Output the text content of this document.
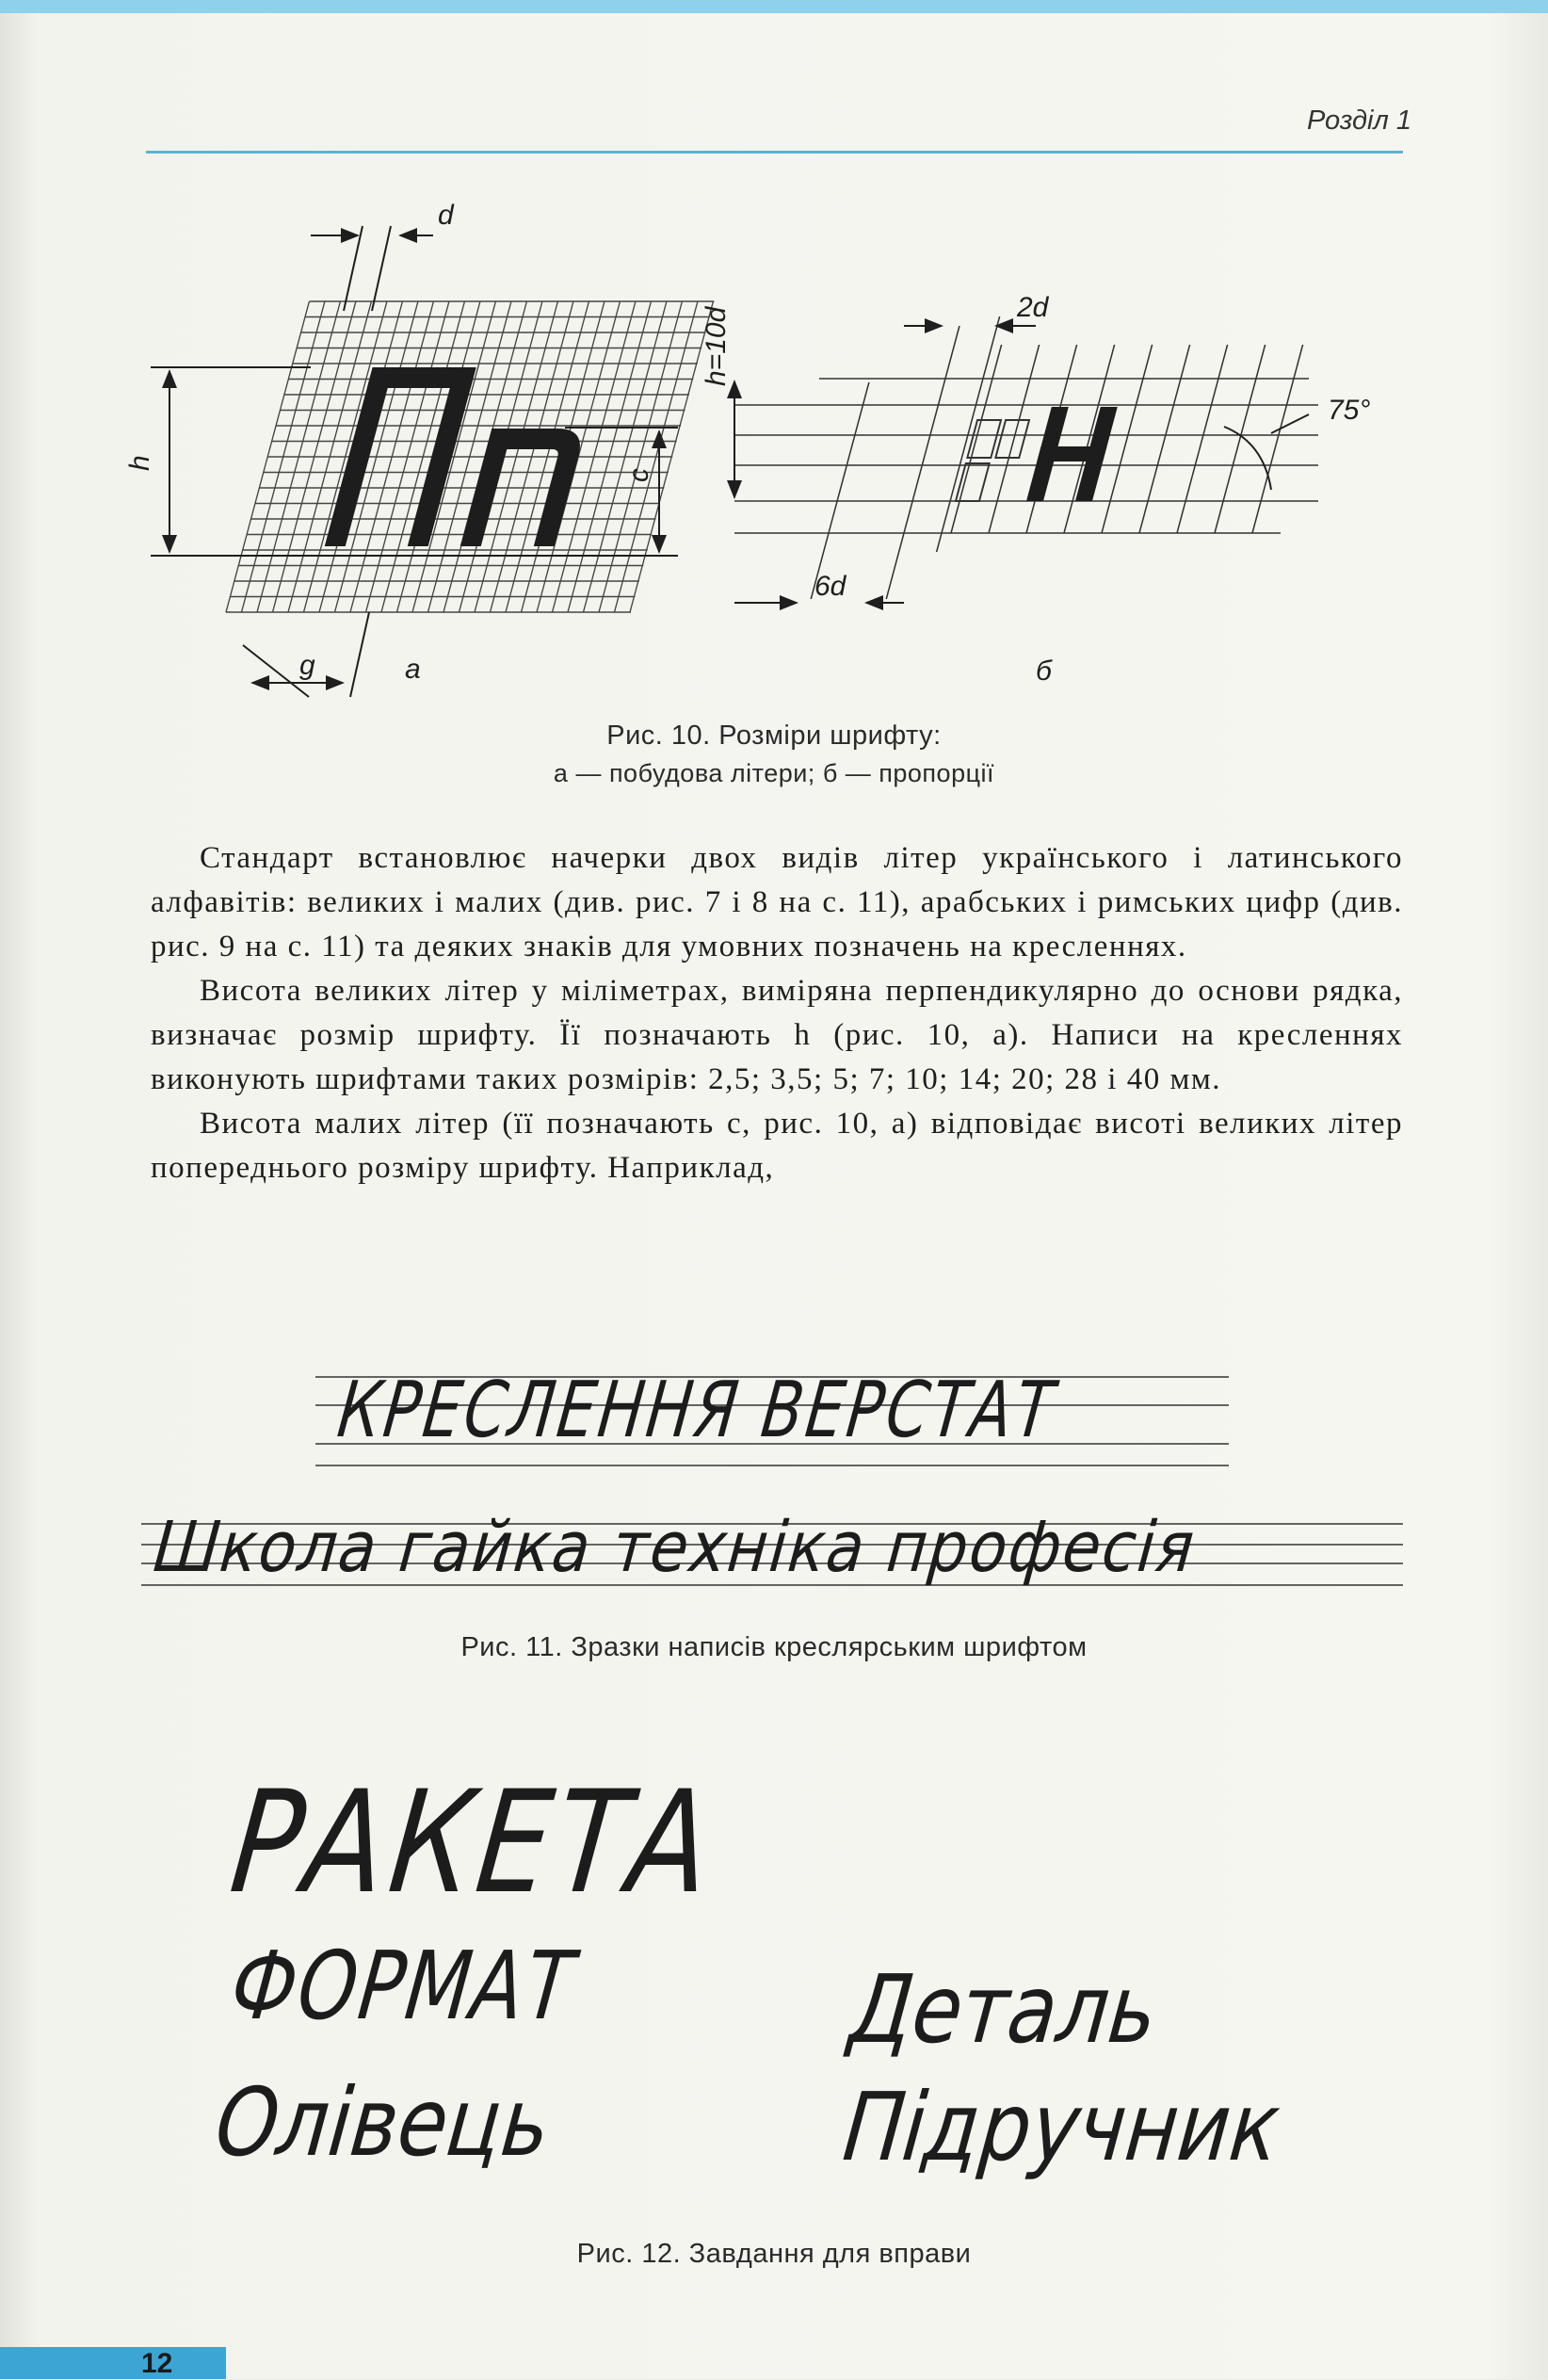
Розділ 1
d
h
c
g	а
2d
6d
h=10d
75°
б
Рис. 10. Розміри шрифту:
а — побудова літери; б — пропорції

Стандарт встановлює начерки двох видів літер українського і латинського алфавітів: великих і малих (див. рис. 7 і 8 на с. 11), арабських і римських цифр (див. рис. 9 на с. 11) та деяких знаків для умовних позначень на кресленнях.

Висота великих літер у міліметрах, виміряна перпендикулярно до основи рядка, визначає розмір шрифту. Її позначають h (рис. 10, а). Написи на кресленнях виконують шрифтами таких розмірів: 2,5; 3,5; 5; 7; 10; 14; 20; 28 і 40 мм.

Висота малих літер (її позначають с, рис. 10, а) відповідає висоті великих літер попереднього розміру шрифту. Наприклад,

КРЕСЛЕННЯ ВЕРСТАТ
Школа гайка техніка професія
Рис. 11. Зразки написів креслярським шрифтом
РАКЕТА
ФОРМАТ	Деталь
Олівець	Підручник
Рис. 12. Завдання для вправи
12
